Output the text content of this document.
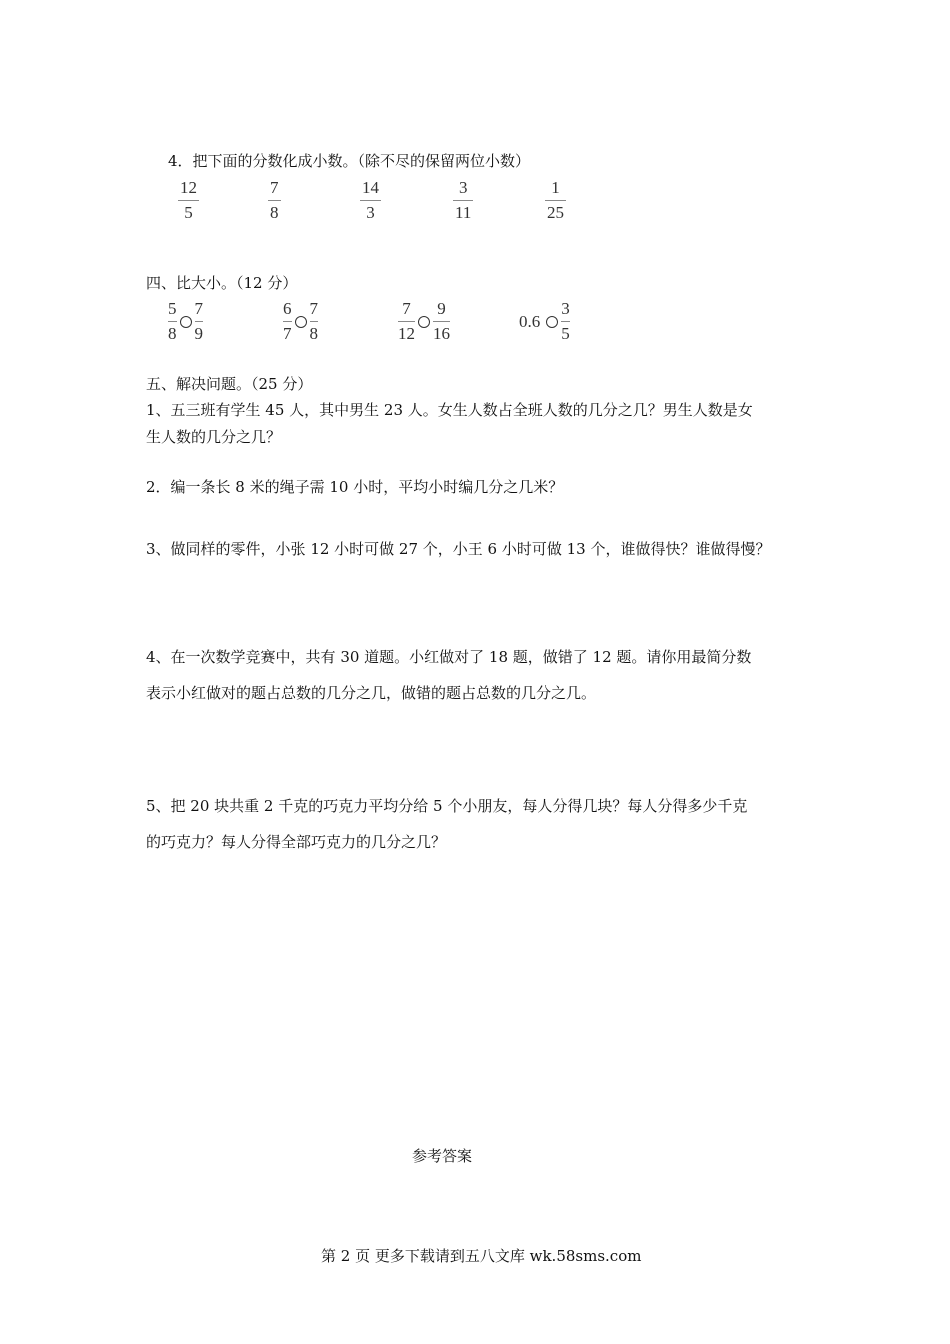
4．把下面的分数化成小数。（除不尽的保留两位小数）
12
5
7
8
14
3
3
11
1
25
四、比大小。（12 分）
5
8
7
9
6
7
7
8
7
12
9
16
0.6
3
5
五、解决问题。（25 分）
1、五三班有学生 45 人，其中男生 23 人。女生人数占全班人数的几分之几？男生人数是女
生人数的几分之几？
2．编一条长 8 米的绳子需 10 小时，平均小时编几分之几米？
3、做同样的零件，小张 12 小时可做 27 个，小王 6 小时可做 13 个，谁做得快？谁做得慢？
4、在一次数学竞赛中，共有 30 道题。小红做对了 18 题，做错了 12 题。请你用最简分数
表示小红做对的题占总数的几分之几，做错的题占总数的几分之几。
5、把 20 块共重 2 千克的巧克力平均分给 5 个小朋友，每人分得几块？每人分得多少千克
的巧克力？每人分得全部巧克力的几分之几？
参考答案
第 2 页 更多下载请到五八文库 wk.58sms.com
